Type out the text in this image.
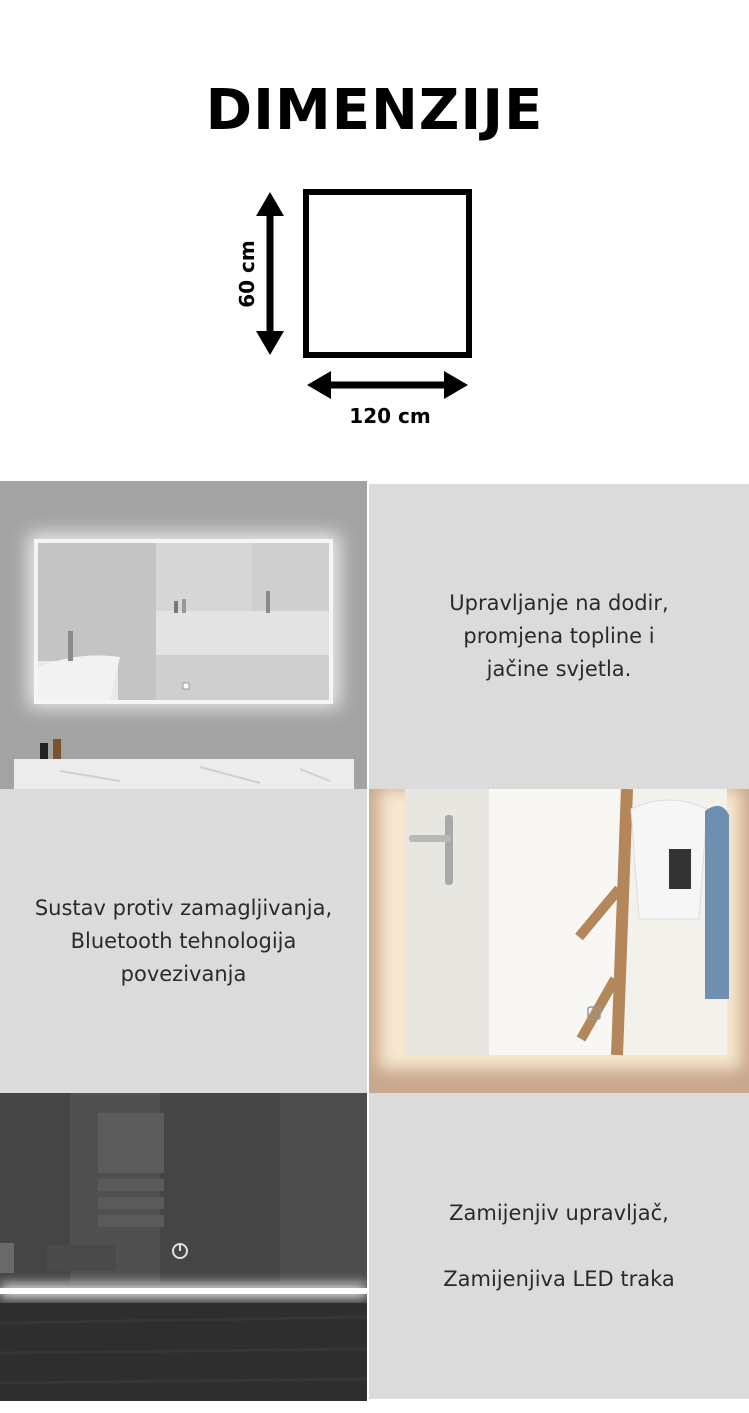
DIMENZIJE
60 cm
120 cm
Upravljanje na dodir,
promjena topline i
jačine svjetla.
Sustav protiv zamagljivanja,
Bluetooth tehnologija
povezivanja
Zamijenjiv upravljač,
Zamijenjiva LED traka
